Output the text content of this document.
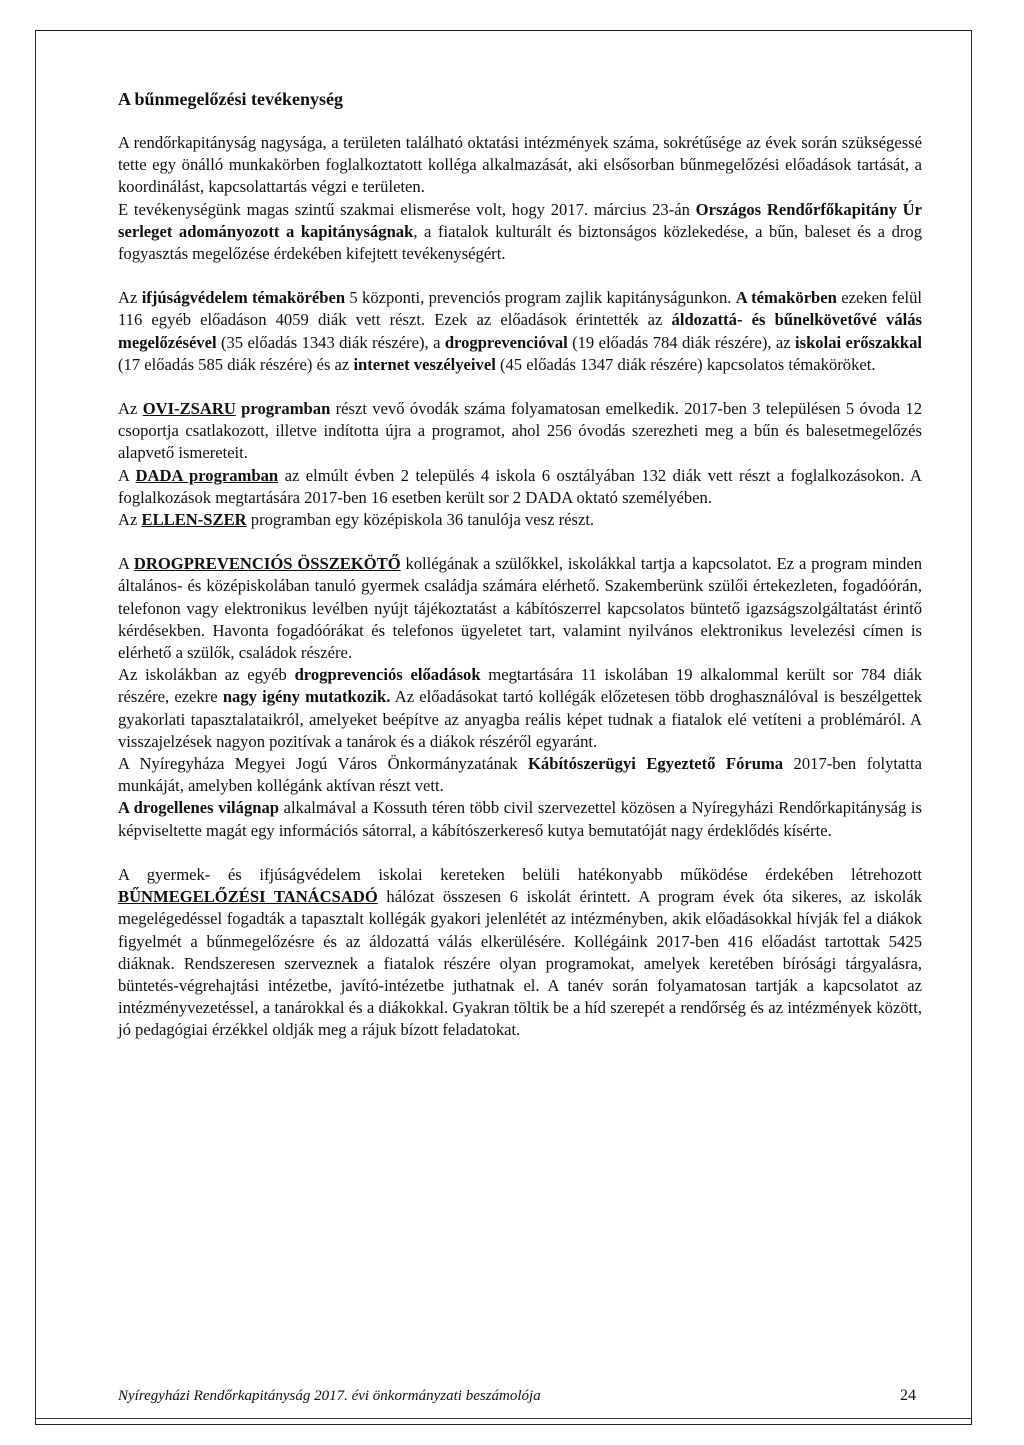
A bűnmegelőzési tevékenység

A rendőrkapitányság nagysága, a területen található oktatási intézmények száma, sokrétűsége az évek során szükségessé tette egy önálló munkakörben foglalkoztatott kolléga alkalmazását, aki elsősorban bűnmegelőzési előadások tartását, a koordinálást, kapcsolattartás végzi e területen.

E tevékenységünk magas szintű szakmai elismerése volt, hogy 2017. március 23-án Országos Rendőrfőkapitány Úr serleget adományozott a kapitányságnak, a fiatalok kulturált és biztonságos közlekedése, a bűn, baleset és a drog fogyasztás megelőzése érdekében kifejtett tevékenységért.

Az ifjúságvédelem témakörében 5 központi, prevenciós program zajlik kapitányságunkon. A témakörben ezeken felül 116 egyéb előadáson 4059 diák vett részt. Ezek az előadások érintették az áldozattá- és bűnelkövetővé válás megelőzésével (35 előadás 1343 diák részére), a drogprevencióval (19 előadás 784 diák részére), az iskolai erőszakkal (17 előadás 585 diák részére) és az internet veszélyeivel (45 előadás 1347 diák részére) kapcsolatos témaköröket.

Az OVI-ZSARU programban részt vevő óvodák száma folyamatosan emelkedik. 2017-ben 3 településen 5 óvoda 12 csoportja csatlakozott, illetve indította újra a programot, ahol 256 óvodás szerezheti meg a bűn és balesetmegelőzés alapvető ismereteit.

A DADA programban az elmúlt évben 2 település 4 iskola 6 osztályában 132 diák vett részt a foglalkozásokon. A foglalkozások megtartására 2017-ben 16 esetben került sor 2 DADA oktató személyében.

Az ELLEN-SZER programban egy középiskola 36 tanulója vesz részt.

A DROGPREVENCIÓS ÖSSZEKÖTŐ kollégának a szülőkkel, iskolákkal tartja a kapcsolatot. Ez a program minden általános- és középiskolában tanuló gyermek családja számára elérhető. Szakemberünk szülői értekezleten, fogadóórán, telefonon vagy elektronikus levélben nyújt tájékoztatást a kábítószerrel kapcsolatos büntető igazságszolgáltatást érintő kérdésekben. Havonta fogadóórákat és telefonos ügyeletet tart, valamint nyilvános elektronikus levelezési címen is elérhető a szülők, családok részére.

Az iskolákban az egyéb drogprevenciós előadások megtartására 11 iskolában 19 alkalommal került sor 784 diák részére, ezekre nagy igény mutatkozik. Az előadásokat tartó kollégák előzetesen több droghasználóval is beszélgettek gyakorlati tapasztalataikról, amelyeket beépítve az anyagba reális képet tudnak a fiatalok elé vetíteni a problémáról. A visszajelzések nagyon pozitívak a tanárok és a diákok részéről egyaránt.

A Nyíregyháza Megyei Jogú Város Önkormányzatának Kábítószerügyi Egyeztető Fóruma 2017-ben folytatta munkáját, amelyben kollégánk aktívan részt vett.

A drogellenes világnap alkalmával a Kossuth téren több civil szervezettel közösen a Nyíregyházi Rendőrkapitányság is képviseltette magát egy információs sátorral, a kábítószerkereső kutya bemutatóját nagy érdeklődés kísérte.

A gyermek- és ifjúságvédelem iskolai kereteken belüli hatékonyabb működése érdekében létrehozott BŰNMEGELŐZÉSI TANÁCSADÓ hálózat összesen 6 iskolát érintett. A program évek óta sikeres, az iskolák megelégedéssel fogadták a tapasztalt kollégák gyakori jelenlétét az intézményben, akik előadásokkal hívják fel a diákok figyelmét a bűnmegelőzésre és az áldozattá válás elkerülésére. Kollégáink 2017-ben 416 előadást tartottak 5425 diáknak. Rendszeresen szerveznek a fiatalok részére olyan programokat, amelyek keretében bírósági tárgyalásra, büntetés-végrehajtási intézetbe, javító-intézetbe juthatnak el. A tanév során folyamatosan tartják a kapcsolatot az intézményvezetéssel, a tanárokkal és a diákokkal. Gyakran töltik be a híd szerepét a rendőrség és az intézmények között, jó pedagógiai érzékkel oldják meg a rájuk bízott feladatokat.

Nyíregyházi Rendőrkapitányság 2017. évi önkormányzati beszámolója	24
